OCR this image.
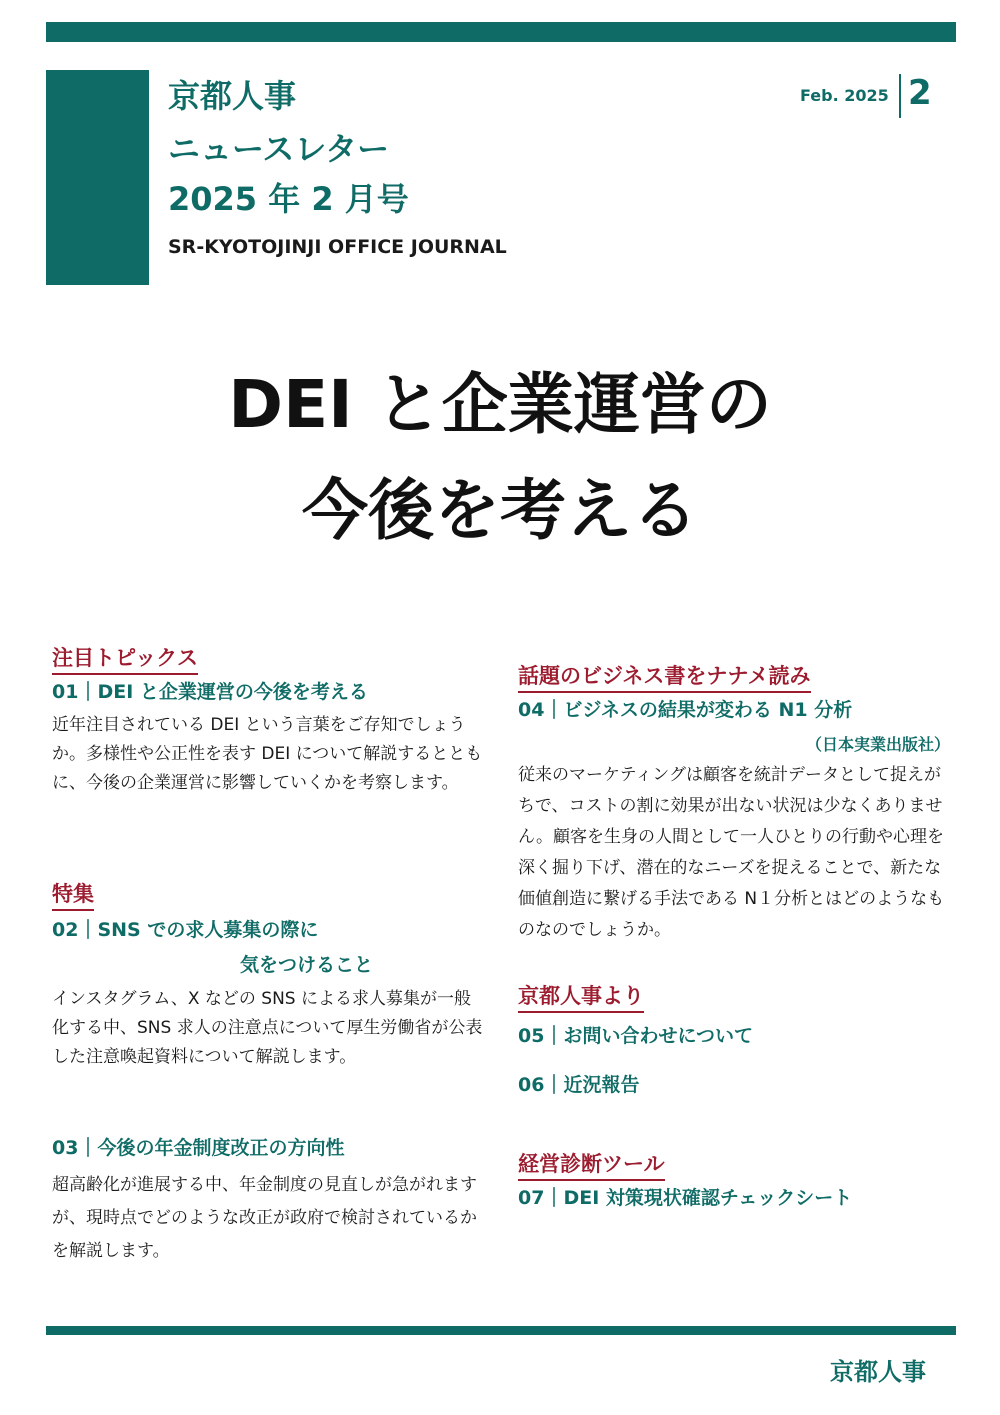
京都人事
ニュースレター
2025 年 2 月号
SR-KYOTOJINJI OFFICE JOURNAL
Feb. 2025 2
DEI と企業運営の
今後を考える
注目トピックス
01｜DEI と企業運営の今後を考える
近年注目されている DEI という言葉をご存知でしょうか。多様性や公正性を表す DEI について解説するとともに、今後の企業運営に影響していくかを考察します。
特集
02｜SNS での求人募集の際に
気をつけること
インスタグラム、X などの SNS による求人募集が一般化する中、SNS 求人の注意点について厚生労働省が公表した注意喚起資料について解説します。
03｜今後の年金制度改正の方向性
超高齢化が進展する中、年金制度の見直しが急がれますが、現時点でどのような改正が政府で検討されているかを解説します。
話題のビジネス書をナナメ読み
04｜ビジネスの結果が変わる N1 分析
（日本実業出版社）
従来のマーケティングは顧客を統計データとして捉えがちで、コストの割に効果が出ない状況は少なくありません。顧客を生身の人間として一人ひとりの行動や心理を深く掘り下げ、潜在的なニーズを捉えることで、新たな価値創造に繋げる手法である N１分析とはどのようなものなのでしょうか。
京都人事より
05｜お問い合わせについて
06｜近況報告
経営診断ツール
07｜DEI 対策現状確認チェックシート
京都人事
